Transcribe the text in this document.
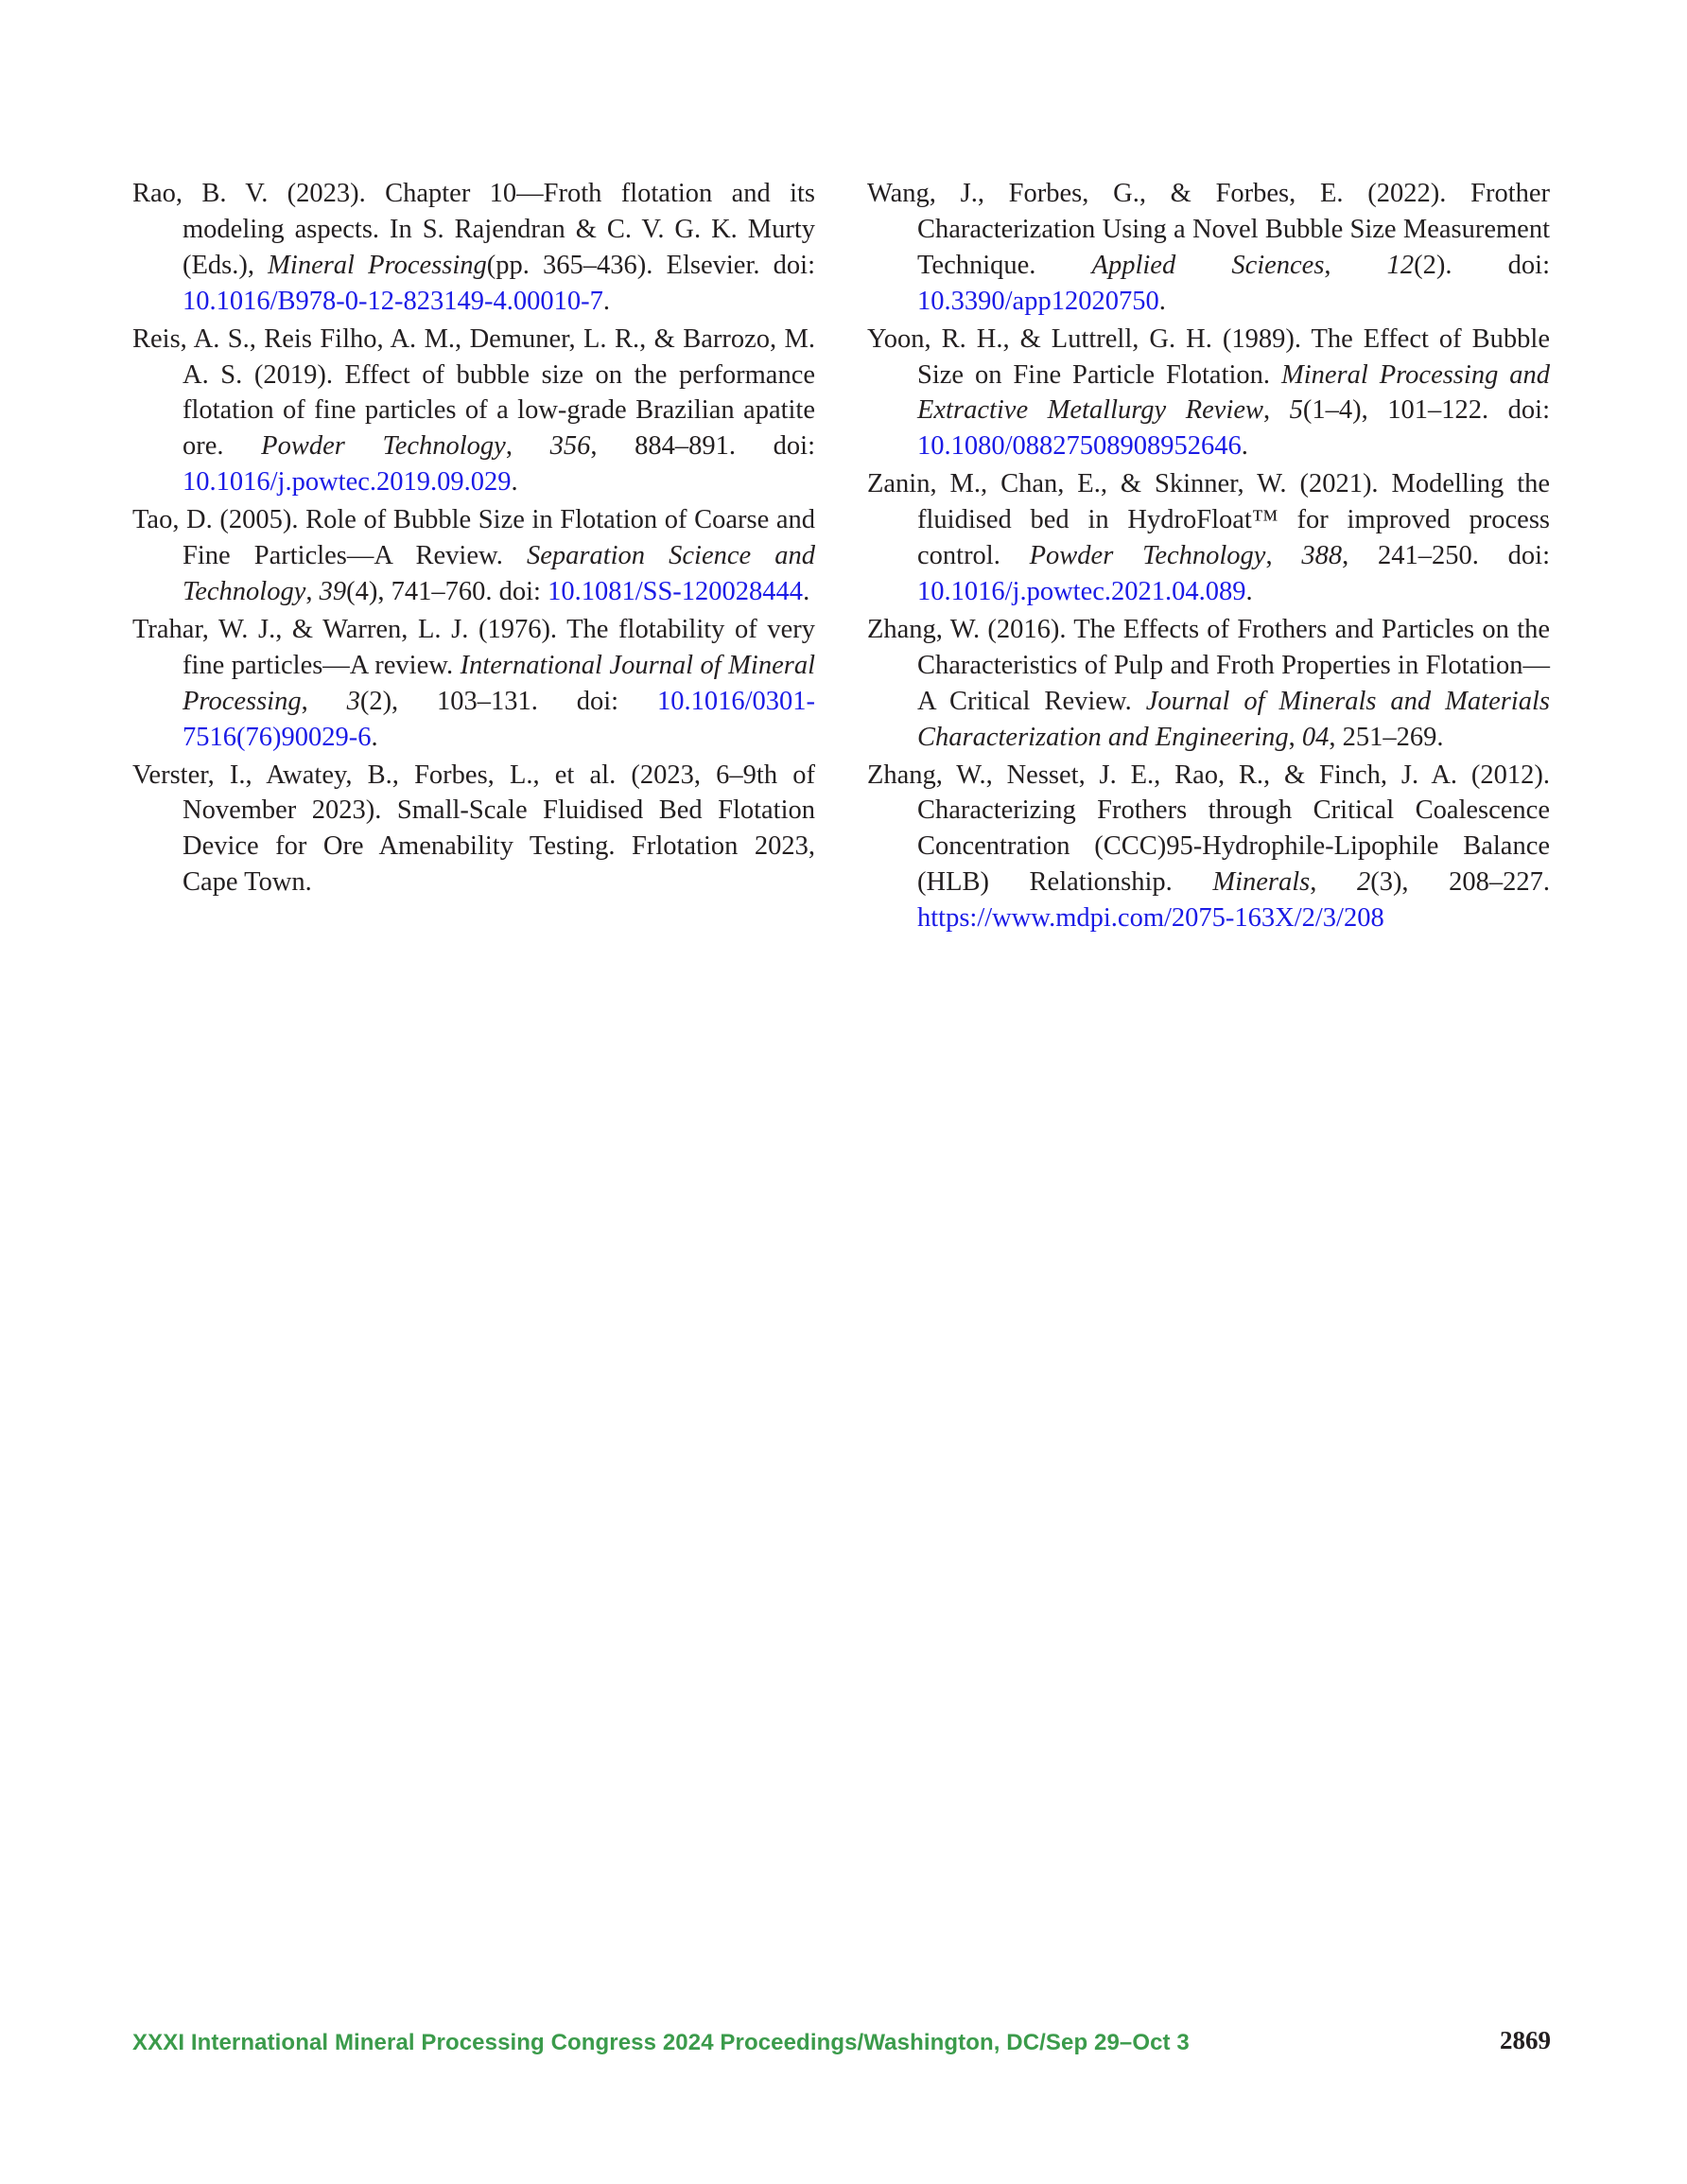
Rao, B. V. (2023). Chapter 10—Froth flotation and its modeling aspects. In S. Rajendran & C. V. G. K. Murty (Eds.), Mineral Processing(pp. 365–436). Elsevier. doi: 10.1016/B978-0-12-823149-4.00010-7.

Reis, A. S., Reis Filho, A. M., Demuner, L. R., & Barrozo, M. A. S. (2019). Effect of bubble size on the performance flotation of fine particles of a low-grade Brazilian apatite ore. Powder Technology, 356, 884–891. doi: 10.1016/j.powtec.2019.09.029.

Tao, D. (2005). Role of Bubble Size in Flotation of Coarse and Fine Particles—A Review. Separation Science and Technology, 39(4), 741–760. doi: 10.1081/SS-120028444.

Trahar, W. J., & Warren, L. J. (1976). The flotability of very fine particles—A review. International Journal of Mineral Processing, 3(2), 103–131. doi: 10.1016/0301-7516(76)90029-6.

Verster, I., Awatey, B., Forbes, L., et al. (2023, 6–9th of November 2023). Small-Scale Fluidised Bed Flotation Device for Ore Amenability Testing. Frlotation 2023, Cape Town.

Wang, J., Forbes, G., & Forbes, E. (2022). Frother Characterization Using a Novel Bubble Size Measurement Technique. Applied Sciences, 12(2). doi: 10.3390/app12020750.

Yoon, R. H., & Luttrell, G. H. (1989). The Effect of Bubble Size on Fine Particle Flotation. Mineral Processing and Extractive Metallurgy Review, 5(1–4), 101–122. doi: 10.1080/08827508908952646.

Zanin, M., Chan, E., & Skinner, W. (2021). Modelling the fluidised bed in HydroFloat™ for improved process control. Powder Technology, 388, 241–250. doi: 10.1016/j.powtec.2021.04.089.

Zhang, W. (2016). The Effects of Frothers and Particles on the Characteristics of Pulp and Froth Properties in Flotation—A Critical Review. Journal of Minerals and Materials Characterization and Engineering, 04, 251–269.

Zhang, W., Nesset, J. E., Rao, R., & Finch, J. A. (2012). Characterizing Frothers through Critical Coalescence Concentration (CCC)95-Hydrophile-Lipophile Balance (HLB) Relationship. Minerals, 2(3), 208–227. https://www.mdpi.com/2075-163X/2/3/208

XXXI International Mineral Processing Congress 2024 Proceedings/Washington, DC/Sep 29–Oct 3	2869
